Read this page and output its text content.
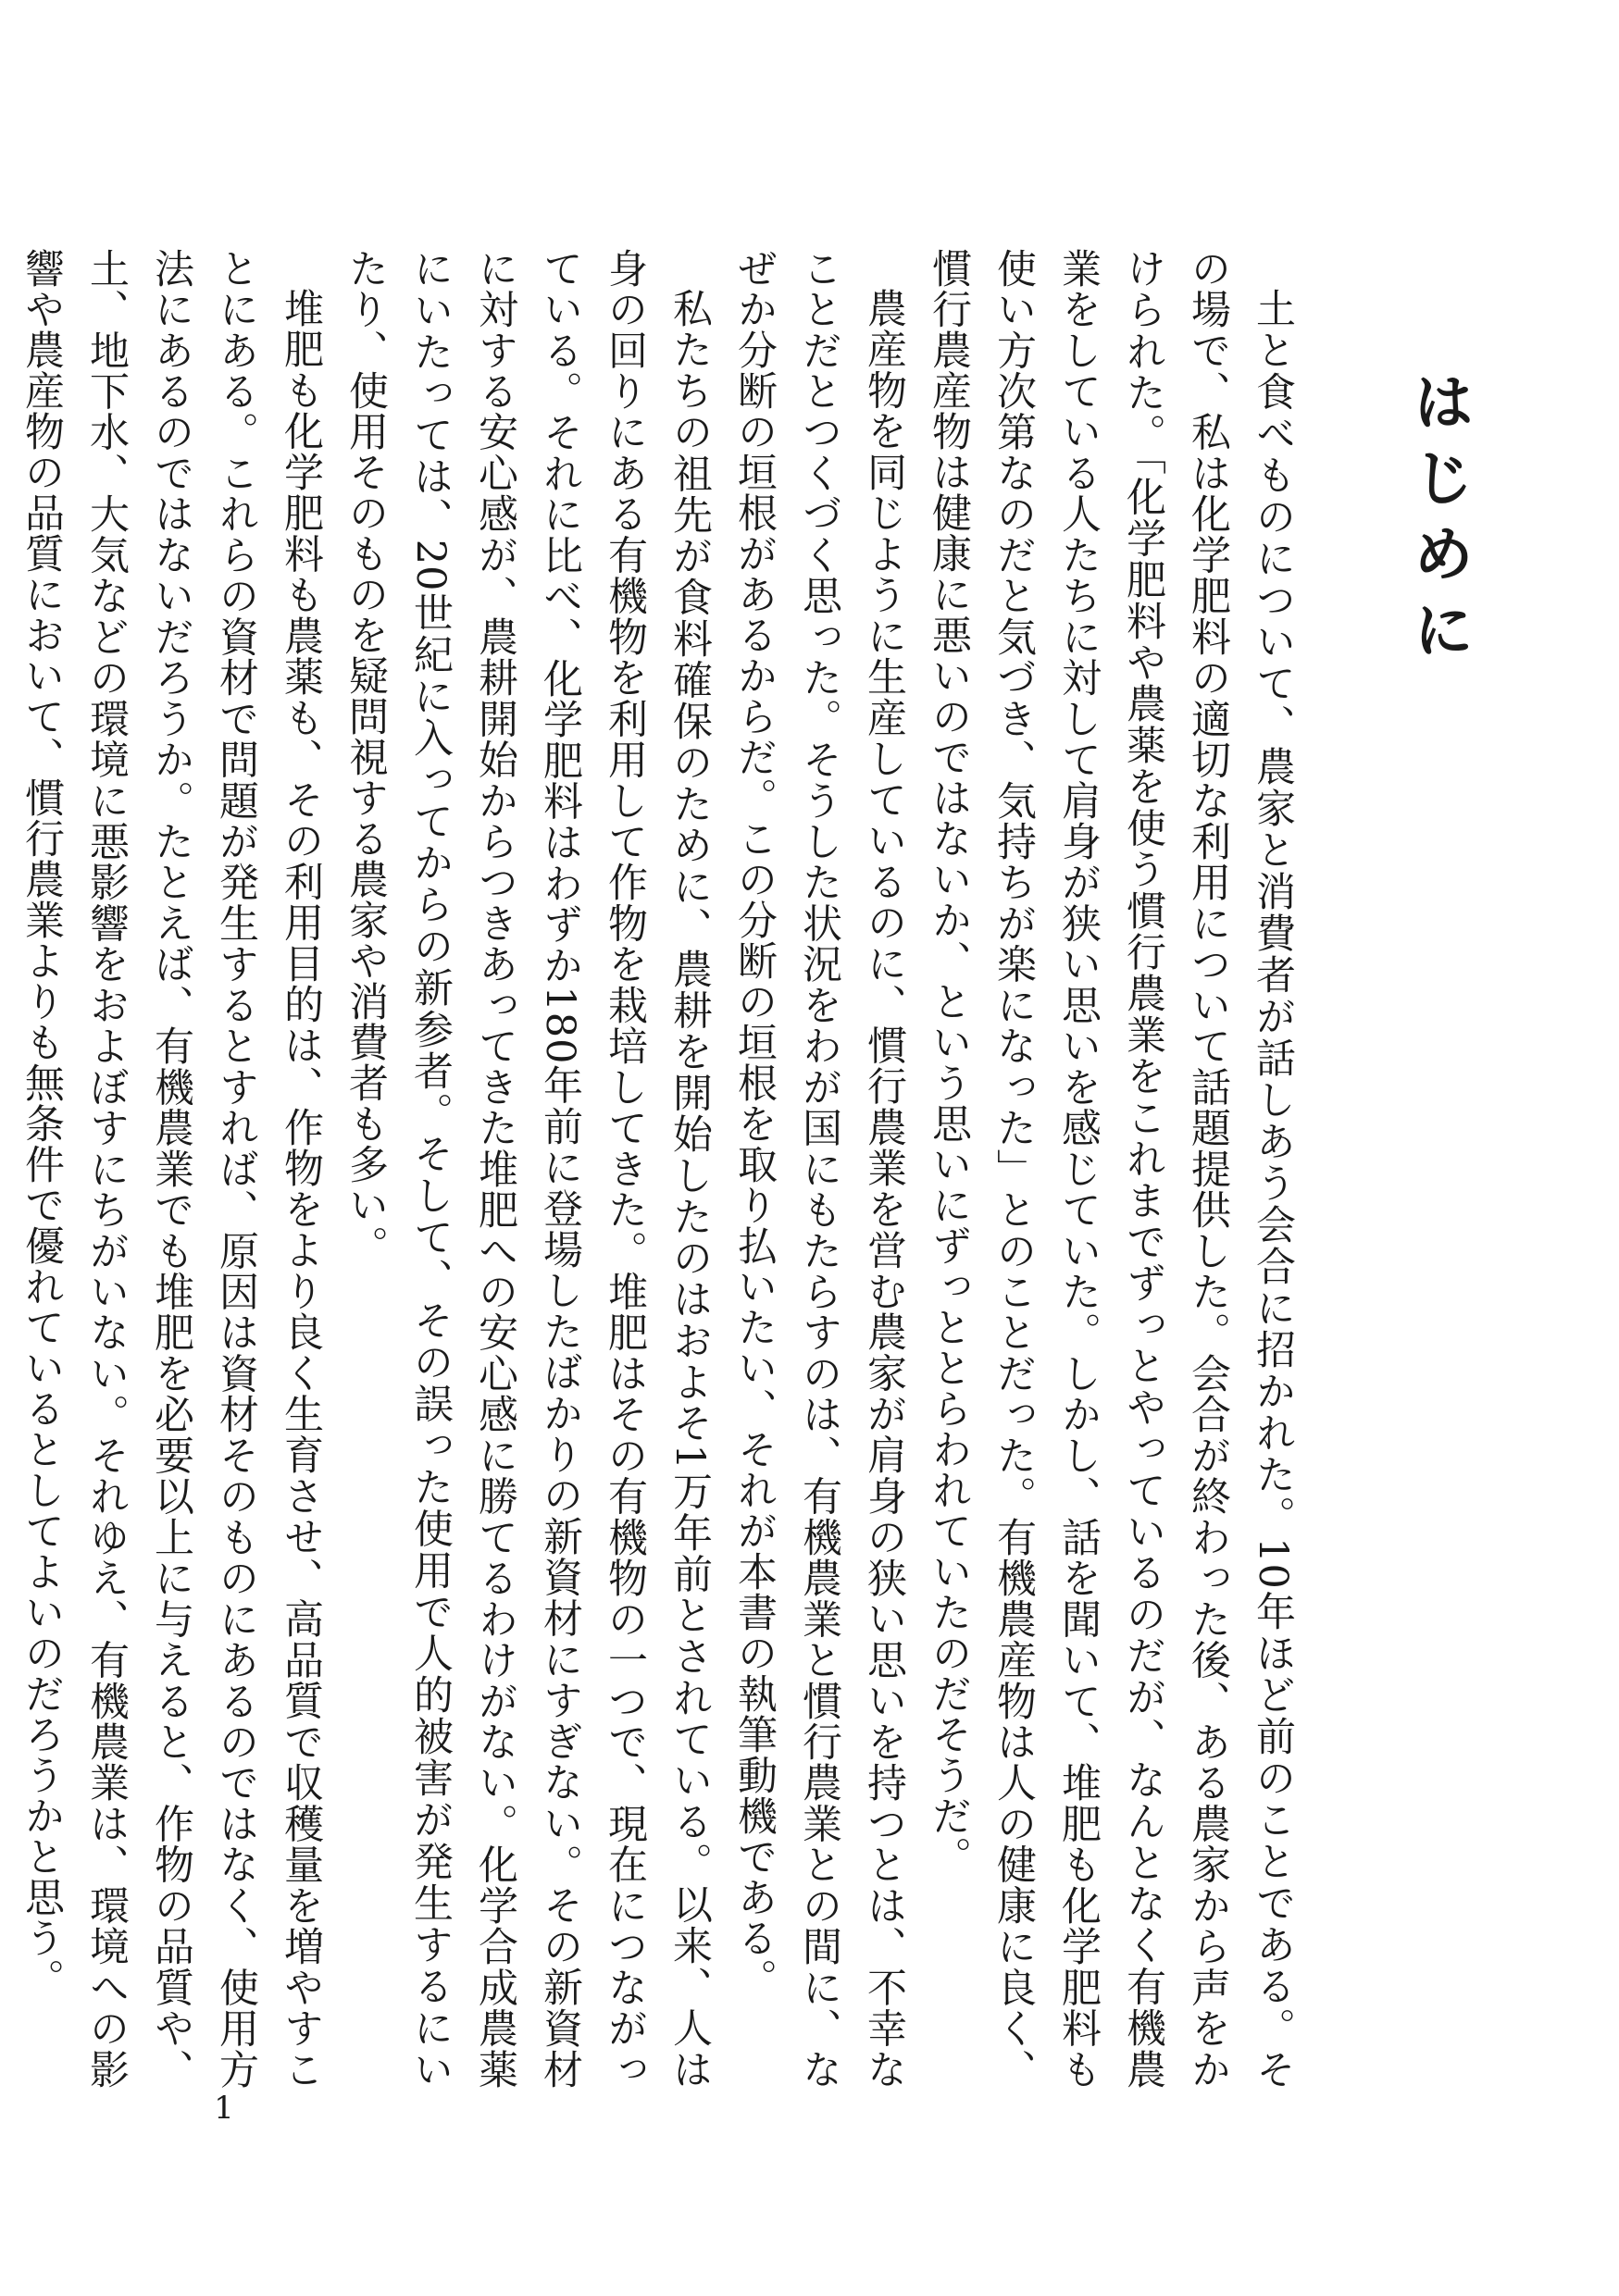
はじめに

土と食べものについて、農家と消費者が話しあう会合に招かれた。10年ほど前のことである。その場で、私は化学肥料の適切な利用について話題提供した。会合が終わった後、ある農家から声をかけられた。「化学肥料や農薬を使う慣行農業をこれまでずっとやっているのだが、なんとなく有機農業をしている人たちに対して肩身が狭い思いを感じていた。しかし、話を聞いて、堆肥も化学肥料も使い方次第なのだと気づき、気持ちが楽になった」とのことだった。有機農産物は人の健康に良く、慣行農産物は健康に悪いのではないか、という思いにずっととらわれていたのだそうだ。

農産物を同じように生産しているのに、慣行農業を営む農家が肩身の狭い思いを持つとは、不幸なことだとつくづく思った。そうした状況をわが国にもたらすのは、有機農業と慣行農業との間に、なぜか分断の垣根があるからだ。この分断の垣根を取り払いたい、それが本書の執筆動機である。

私たちの祖先が食料確保のために、農耕を開始したのはおよそ1万年前とされている。以来、人は身の回りにある有機物を利用して作物を栽培してきた。堆肥はその有機物の一つで、現在につながっている。それに比べ、化学肥料はわずか180年前に登場したばかりの新資材にすぎない。その新資材に対する安心感が、農耕開始からつきあってきた堆肥への安心感に勝てるわけがない。化学合成農薬にいたっては、20世紀に入ってからの新参者。そして、その誤った使用で人的被害が発生するにいたり、使用そのものを疑問視する農家や消費者も多い。

堆肥も化学肥料も農薬も、その利用目的は、作物をより良く生育させ、高品質で収穫量を増やすことにある。これらの資材で問題が発生するとすれば、原因は資材そのものにあるのではなく、使用方法にあるのではないだろうか。たとえば、有機農業でも堆肥を必要以上に与えると、作物の品質や、土、地下水、大気などの環境に悪影響をおよぼすにちがいない。それゆえ、有機農業は、環境への影響や農産物の品質において、慣行農業よりも無条件で優れているとしてよいのだろうかと思う。

1
